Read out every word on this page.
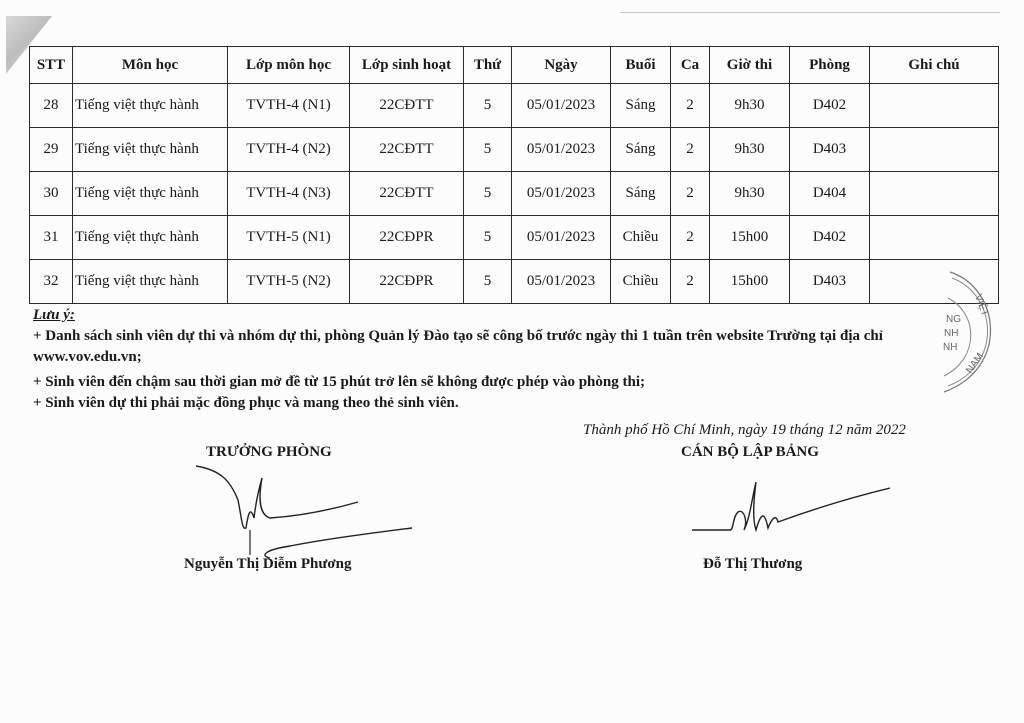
STT	Môn học	Lớp môn học	Lớp sinh hoạt	Thứ	Ngày	Buổi	Ca	Giờ thi	Phòng	Ghi chú
28	Tiếng việt thực hành	TVTH-4 (N1)	22CĐTT	5	05/01/2023	Sáng	2	9h30	D402	
29	Tiếng việt thực hành	TVTH-4 (N2)	22CĐTT	5	05/01/2023	Sáng	2	9h30	D403	
30	Tiếng việt thực hành	TVTH-4 (N3)	22CĐTT	5	05/01/2023	Sáng	2	9h30	D404	
31	Tiếng việt thực hành	TVTH-5 (N1)	22CĐPR	5	05/01/2023	Chiều	2	15h00	D402	
32	Tiếng việt thực hành	TVTH-5 (N2)	22CĐPR	5	05/01/2023	Chiều	2	15h00	D403	

Lưu ý:

+ Danh sách sinh viên dự thi và nhóm dự thi, phòng Quản lý Đào tạo sẽ công bố trước ngày thi 1 tuần trên website Trường tại địa chỉ www.vov.edu.vn;

+ Sinh viên đến chậm sau thời gian mở đề từ 15 phút trở lên sẽ không được phép vào phòng thi;

+ Sinh viên dự thi phải mặc đồng phục và mang theo thẻ sinh viên.

Thành phố Hồ Chí Minh, ngày 19 tháng 12 năm 2022
TRƯỞNG PHÒNG	CÁN BỘ LẬP BẢNG
Nguyễn Thị Diễm Phương	Đỗ Thị Thương
VIỆT
NAM
NG
NH
NH
